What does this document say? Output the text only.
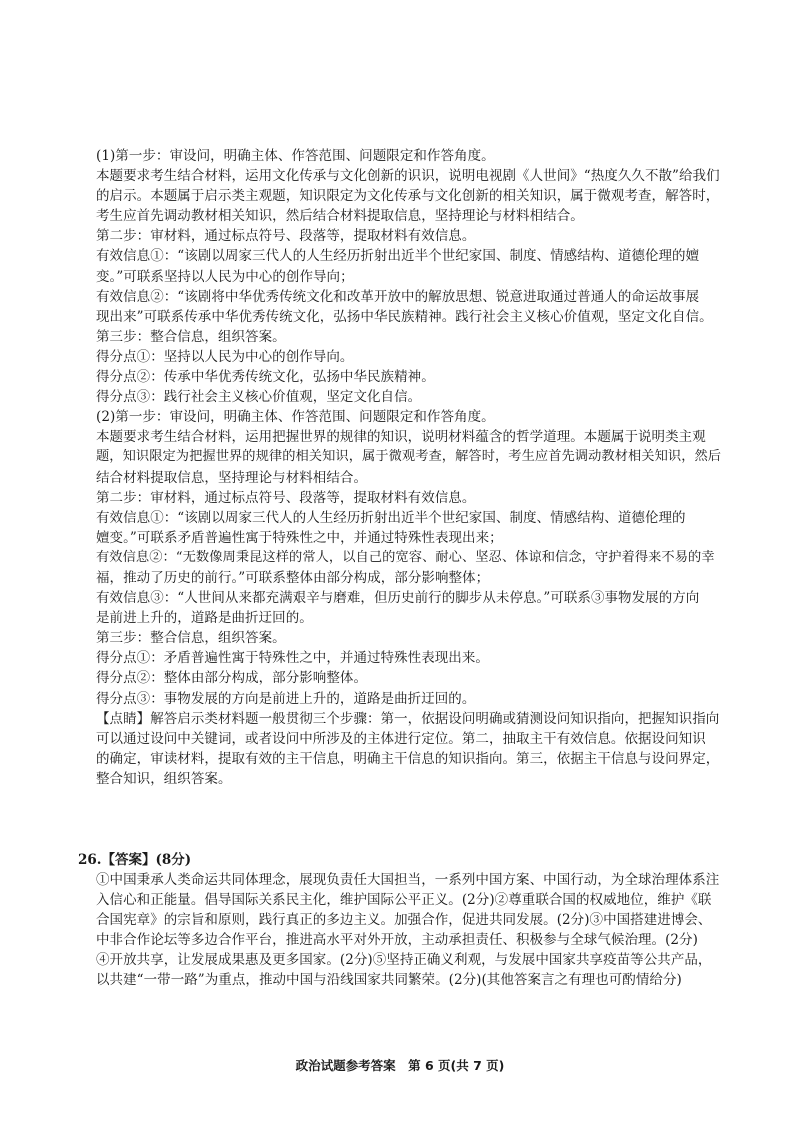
(1)第一步：审设问，明确主体、作答范围、问题限定和作答角度。
本题要求考生结合材料，运用文化传承与文化创新的识识，说明电视剧《人世间》“热度久久不散”给我们
的启示。本题属于启示类主观题，知识限定为文化传承与文化创新的相关知识，属于微观考查，解答时，
考生应首先调动教材相关知识，然后结合材料提取信息，坚持理论与材料相结合。
第二步：审材料，通过标点符号、段落等，提取材料有效信息。
有效信息①：“该剧以周家三代人的人生经历折射出近半个世纪家国、制度、情感结构、道德伦理的嬗
变。”可联系坚持以人民为中心的创作导向；
有效信息②：“该剧将中华优秀传统文化和改革开放中的解放思想、锐意进取通过普通人的命运故事展
现出来”可联系传承中华优秀传统文化，弘扬中华民族精神。践行社会主义核心价值观，坚定文化自信。
第三步：整合信息，组织答案。
得分点①：坚持以人民为中心的创作导向。
得分点②：传承中华优秀传统文化，弘扬中华民族精神。
得分点③：践行社会主义核心价值观，坚定文化自信。
(2)第一步：审设问，明确主体、作答范围、问题限定和作答角度。
本题要求考生结合材料，运用把握世界的规律的知识，说明材料蕴含的哲学道理。本题属于说明类主观
题，知识限定为把握世界的规律的相关知识，属于微观考查，解答时，考生应首先调动教材相关知识，然后
结合材料提取信息，坚持理论与材料相结合。
第二步：审材料，通过标点符号、段落等，提取材料有效信息。
有效信息①：“该剧以周家三代人的人生经历折射出近半个世纪家国、制度、情感结构、道德伦理的
嬗变。”可联系矛盾普遍性寓于特殊性之中，并通过特殊性表现出来；
有效信息②：“无数像周秉昆这样的常人，以自己的宽容、耐心、坚忍、体谅和信念，守护着得来不易的幸
福，推动了历史的前行。”可联系整体由部分构成，部分影响整体；
有效信息③：“人世间从来都充满艰辛与磨难，但历史前行的脚步从未停息。”可联系③事物发展的方向
是前进上升的，道路是曲折迂回的。
第三步：整合信息，组织答案。
得分点①：矛盾普遍性寓于特殊性之中，并通过特殊性表现出来。
得分点②：整体由部分构成，部分影响整体。
得分点③：事物发展的方向是前进上升的，道路是曲折迂回的。
【点睛】解答启示类材料题一般贯彻三个步骤：第一，依据设问明确或猜测设问知识指向，把握知识指向
可以通过设问中关键词，或者设问中所涉及的主体进行定位。第二，抽取主干有效信息。依据设问知识
的确定，审读材料，提取有效的主干信息，明确主干信息的知识指向。第三，依据主干信息与设问界定，
整合知识，组织答案。
26.【答案】(8分)
①中国秉承人类命运共同体理念，展现负责任大国担当，一系列中国方案、中国行动，为全球治理体系注
入信心和正能量。倡导国际关系民主化，维护国际公平正义。(2分)②尊重联合国的权威地位，维护《联
合国宪章》的宗旨和原则，践行真正的多边主义。加强合作，促进共同发展。(2分)③中国搭建进博会、
中非合作论坛等多边合作平台，推进高水平对外开放，主动承担责任、积极参与全球气候治理。(2分)
④开放共享，让发展成果惠及更多国家。(2分)⑤坚持正确义利观，与发展中国家共享疫苗等公共产品，
以共建“一带一路”为重点，推动中国与沿线国家共同繁荣。(2分)(其他答案言之有理也可酌情给分)
政治试题参考答案　第 6 页(共 7 页)
